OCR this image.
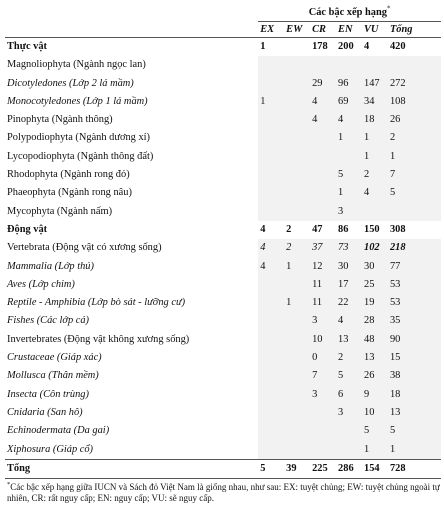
	Các bậc xếp hạng*
	EX	EW	CR	EN	VU	Tổng
Thực vật	1		178	200	4	420
Magnoliophyta (Ngành ngọc lan)						
Dicotyledones (Lớp 2 lá mầm)			29	96	147	272
Monocotyledones (Lớp 1 lá mầm)	1		4	69	34	108
Pinophyta (Ngành thông)			4	4	18	26
Polypodiophyta (Ngành dương xỉ)				1	1	2
Lycopodiophyta (Ngành thông đất)					1	1
Rhodophyta (Ngành rong đỏ)				5	2	7
Phaeophyta (Ngành rong nâu)				1	4	5
Mycophyta (Ngành nấm)				3		
Động vật	4	2	47	86	150	308
Vertebrata (Động vật có xương sống)	4	2	37	73	102	218
Mammalia (Lớp thú)	4	1	12	30	30	77
Aves (Lớp chim)			11	17	25	53
Reptile - Amphibia (Lớp bò sát - lưỡng cư)		1	11	22	19	53
Fishes (Các lớp cá)			3	4	28	35
Invertebrates (Động vật không xương sống)			10	13	48	90
Crustaceae (Giáp xác)			0	2	13	15
Mollusca (Thân mềm)			7	5	26	38
Insecta (Côn trùng)			3	6	9	18
Cnidaria (San hô)				3	10	13
Echinodermata (Da gai)					5	5
Xiphosura (Giáp cổ)					1	1
Tổng	5	39	225	286	154	728
*Các bậc xếp hạng giữa IUCN và Sách đỏ Việt Nam là giống nhau, như sau: EX: tuyệt chủng; EW: tuyệt chủng ngoài tự nhiên, CR: rất nguy cấp; EN: nguy cấp; VU: sẽ nguy cấp.
